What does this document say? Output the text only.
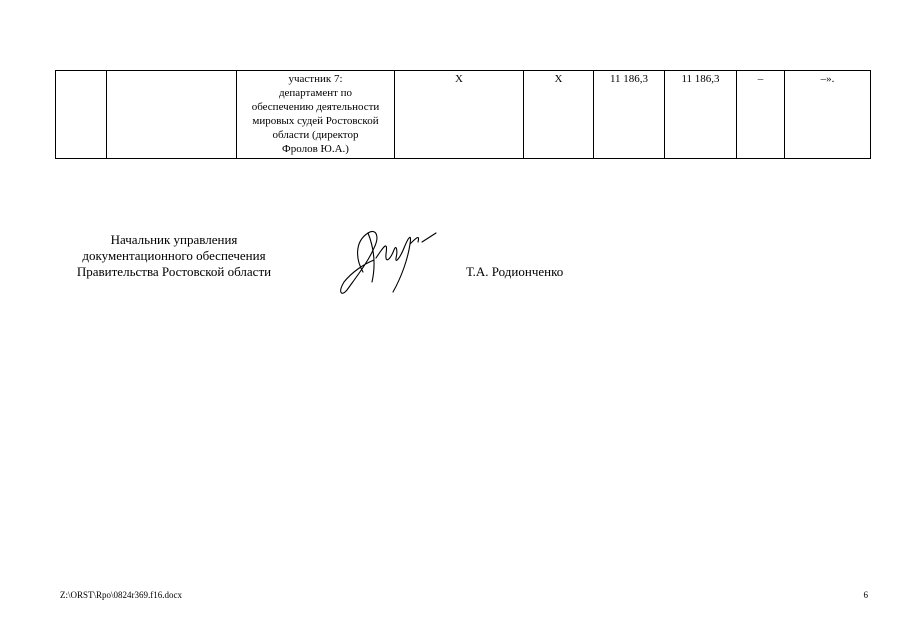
		участник 7:
департамент по
обеспечению деятельности
мировых судей Ростовской
области (директор
Фролов Ю.А.)	Х	Х	11 186,3	11 186,3	–	–».
Начальник управления
документационного обеспечения
Правительства Ростовской области	Т.А. Родионченко
Z:\ORST\Rpo\0824r369.f16.docx	6
